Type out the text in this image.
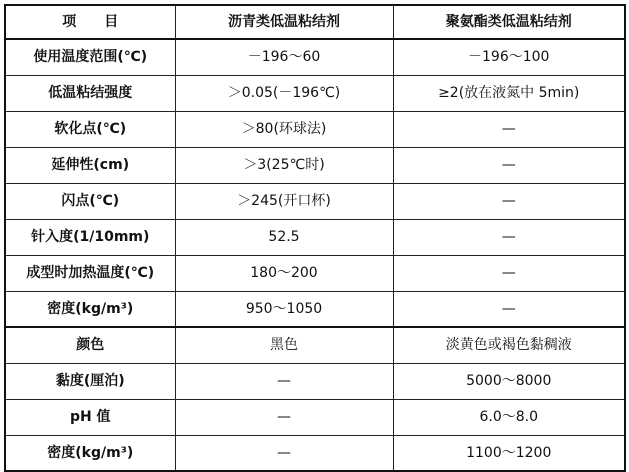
项　　目	沥青类低温粘结剂	聚氨酯类低温粘结剂
使用温度范围(℃)	－196～60	－196～100
低温粘结强度	＞0.05(－196℃)	≥2(放在液氮中 5min)
软化点(℃)	＞80(环球法)	—
延伸性(cm)	＞3(25℃时)	—
闪点(℃)	＞245(开口杯)	—
针入度(1/10mm)	52.5	—
成型时加热温度(℃)	180～200	—
密度(kg/m³)	950～1050	—
颜色	黑色	淡黄色或褐色黏稠液
黏度(厘泊)	—	5000～8000
pH 值	—	6.0～8.0
密度(kg/m³)	—	1100～1200
